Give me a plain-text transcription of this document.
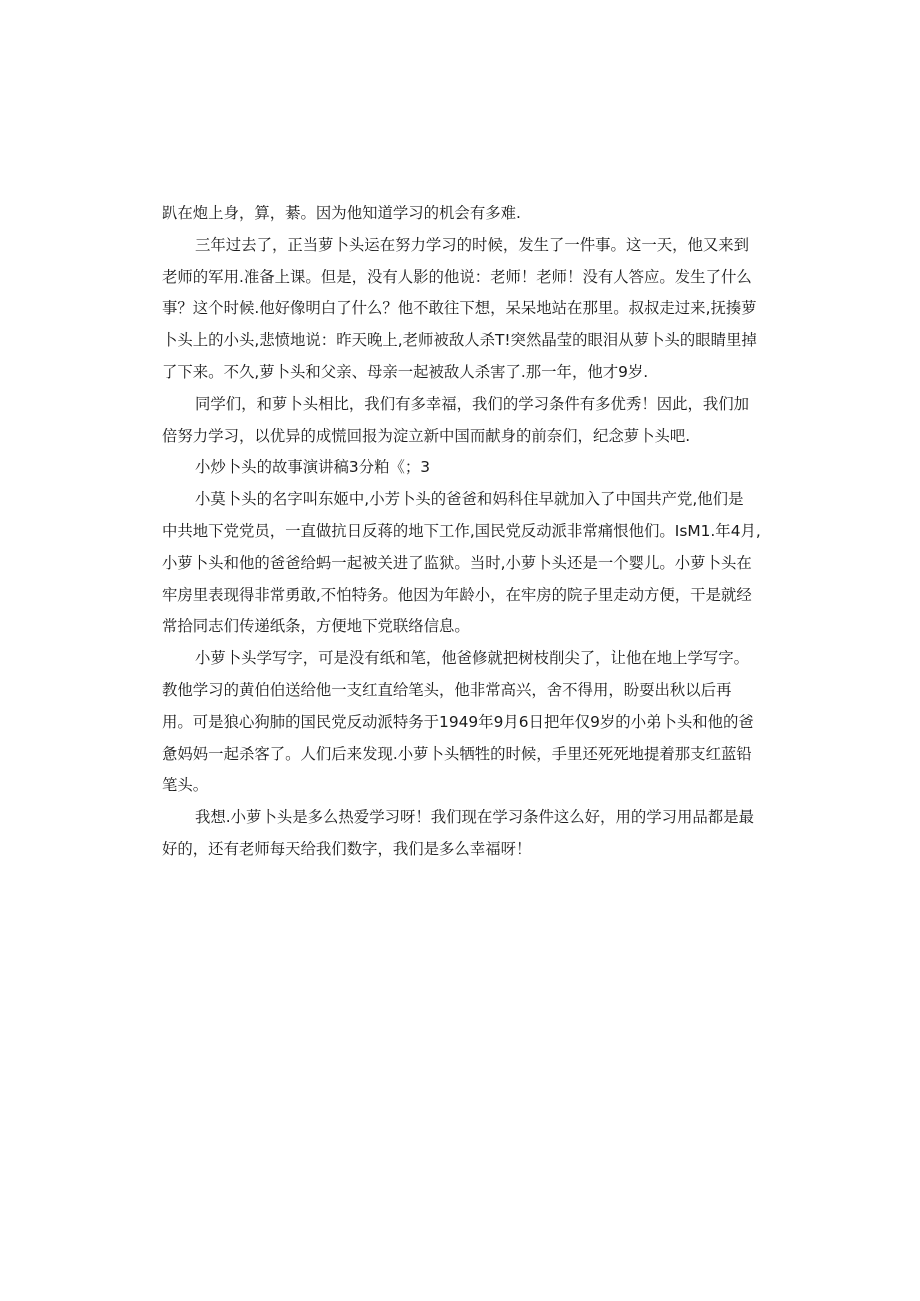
趴在炮上身，算，綦。因为他知道学习的机会有多难.
三年过去了，正当萝卜头运在努力学习的时候，发生了一件事。这一天，他又来到
老师的军用.准备上课。但是，没有人影的他说：老师！老师！没有人答应。发生了什么
事？这个时候.他好像明白了什么？他不敢往下想，呆呆地站在那里。叔叔走过来,抚揍萝
卜头上的小头,悲愤地说：昨天晚上,老师被敌人杀T!突然晶莹的眼泪从萝卜头的眼睛里掉
了下来。不久,萝卜头和父亲、母亲一起被敌人杀害了.那一年，他才9岁.
同学们，和萝卜头相比，我们有多幸福，我们的学习条件有多优秀！因此，我们加
倍努力学习，以优异的成慌回报为淀立新中国而献身的前奈们，纪念萝卜头吧.
小炒卜头的故事演讲稿3分粕《；3
小莫卜头的名字叫东姬中,小芳卜头的爸爸和妈科住早就加入了中国共产党,他们是
中共地下党党员，一直做抗日反蒋的地下工作,国民党反动派非常痛恨他们。IsM1.年4月,
小萝卜头和他的爸爸给蚂一起被关进了监狱。当时,小萝卜头还是一个婴儿。小萝卜头在
牢房里表现得非常勇敢,不怕特务。他因为年龄小，在牢房的院子里走动方便，干是就经
常拾同志们传递纸条，方便地下党联络信息。
小萝卜头学写字，可是没有纸和笔，他爸修就把树枝削尖了，让他在地上学写字。
教他学习的黄伯伯送给他一支红直给笔头，他非常高兴，舍不得用，盼耍出秋以后再
用。可是狼心狗肺的国民党反动派特务于1949年9月6日把年仅9岁的小弟卜头和他的爸
惫妈妈一起杀客了。人们后来发现.小萝卜头牺牲的时候，手里还死死地提着那支红蓝铅
笔头。
我想.小萝卜头是多么热爱学习呀！我们现在学习条件这么好，用的学习用品都是最
好的，还有老师每天给我们数字，我们是多么幸福呀！
